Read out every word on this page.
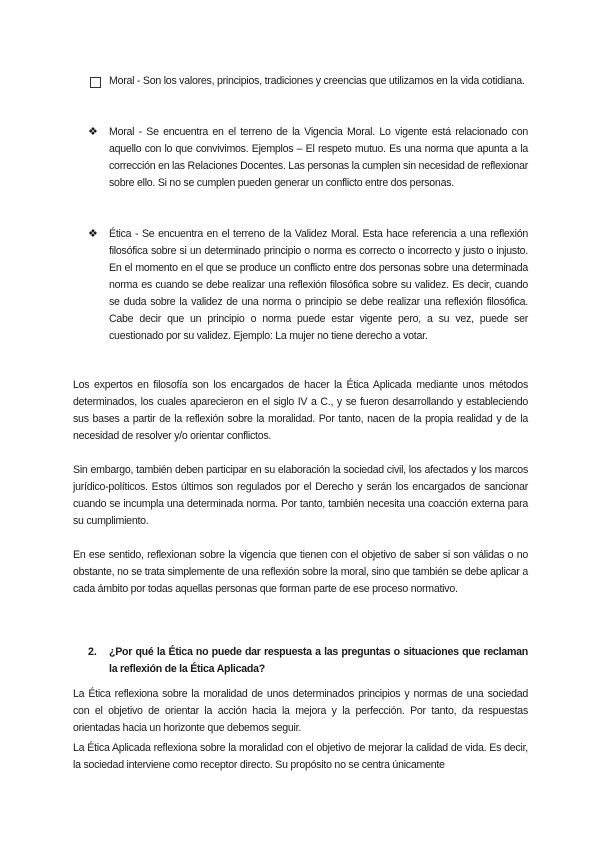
Moral - Son los valores, principios, tradiciones y creencias que utilizamos en la vida cotidiana.
❖ Moral - Se encuentra en el terreno de la Vigencia Moral. Lo vigente está relacionado con aquello con lo que convivimos. Ejemplos – El respeto mutuo. Es una norma que apunta a la corrección en las Relaciones Docentes. Las personas la cumplen sin necesidad de reflexionar sobre ello. Si no se cumplen pueden generar un conflicto entre dos personas.
❖ Ética - Se encuentra en el terreno de la Validez Moral. Esta hace referencia a una reflexión filosófica sobre si un determinado principio o norma es correcto o incorrecto y justo o injusto. En el momento en el que se produce un conflicto entre dos personas sobre una determinada norma es cuando se debe realizar una reflexión filosófica sobre su validez. Es decir, cuando se duda sobre la validez de una norma o principio se debe realizar una reflexión filosófica. Cabe decir que un principio o norma puede estar vigente pero, a su vez, puede ser cuestionado por su validez. Ejemplo: La mujer no tiene derecho a votar.
Los expertos en filosofía son los encargados de hacer la Ética Aplicada mediante unos métodos determinados, los cuales aparecieron en el siglo IV a C., y se fueron desarrollando y estableciendo sus bases a partir de la reflexión sobre la moralidad. Por tanto, nacen de la propia realidad y de la necesidad de resolver y/o orientar conflictos.
Sin embargo, también deben participar en su elaboración la sociedad civil, los afectados y los marcos jurídico-políticos. Estos últimos son regulados por el Derecho y serán los encargados de sancionar cuando se incumpla una determinada norma. Por tanto, también necesita una coacción externa para su cumplimiento.
En ese sentido, reflexionan sobre la vigencia que tienen con el objetivo de saber si son válidas o no obstante, no se trata simplemente de una reflexión sobre la moral, sino que también se debe aplicar a cada ámbito por todas aquellas personas que forman parte de ese proceso normativo.
2. ¿Por qué la Ética no puede dar respuesta a las preguntas o situaciones que reclaman la reflexión de la Ética Aplicada?
La Ética reflexiona sobre la moralidad de unos determinados principios y normas de una sociedad con el objetivo de orientar la acción hacia la mejora y la perfección. Por tanto, da respuestas orientadas hacia un horizonte que debemos seguir.
La Ética Aplicada reflexiona sobre la moralidad con el objetivo de mejorar la calidad de vida. Es decir, la sociedad interviene como receptor directo. Su propósito no se centra únicamente
